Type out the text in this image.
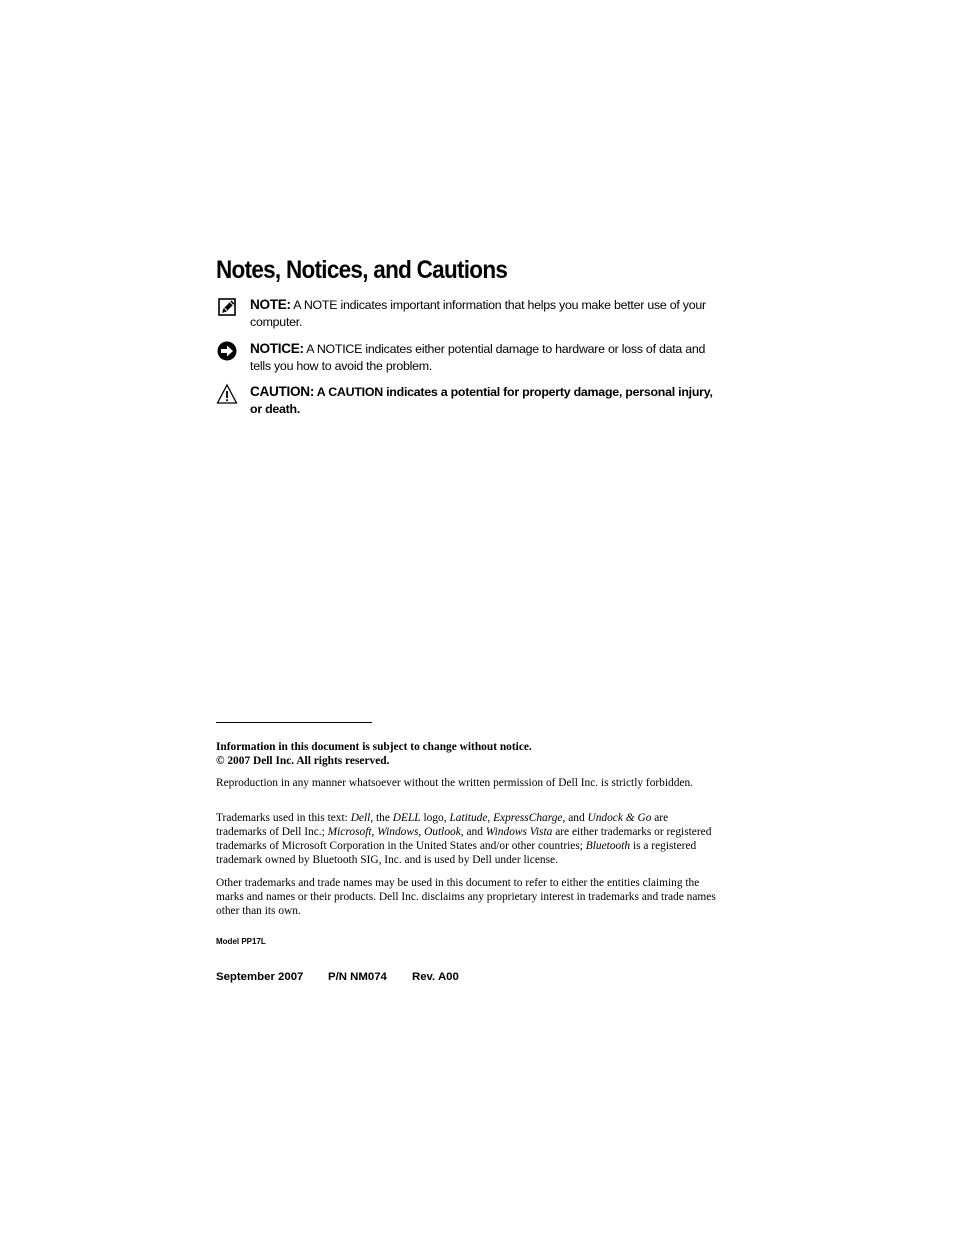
Notes, Notices, and Cautions
NOTE: A NOTE indicates important information that helps you make better use of your computer.
NOTICE: A NOTICE indicates either potential damage to hardware or loss of data and tells you how to avoid the problem.
CAUTION: A CAUTION indicates a potential for property damage, personal injury, or death.

Information in this document is subject to change without notice.

© 2007 Dell Inc. All rights reserved.

Reproduction in any manner whatsoever without the written permission of Dell Inc. is strictly forbidden.

Trademarks used in this text: Dell, the DELL logo, Latitude, ExpressCharge, and Undock & Go are trademarks of Dell Inc.; Microsoft, Windows, Outlook, and Windows Vista are either trademarks or registered trademarks of Microsoft Corporation in the United States and/or other countries; Bluetooth is a registered trademark owned by Bluetooth SIG, Inc. and is used by Dell under license.

Other trademarks and trade names may be used in this document to refer to either the entities claiming the marks and names or their products. Dell Inc. disclaims any proprietary interest in trademarks and trade names other than its own.

Model PP17L
September 2007 P/N NM074 Rev. A00
